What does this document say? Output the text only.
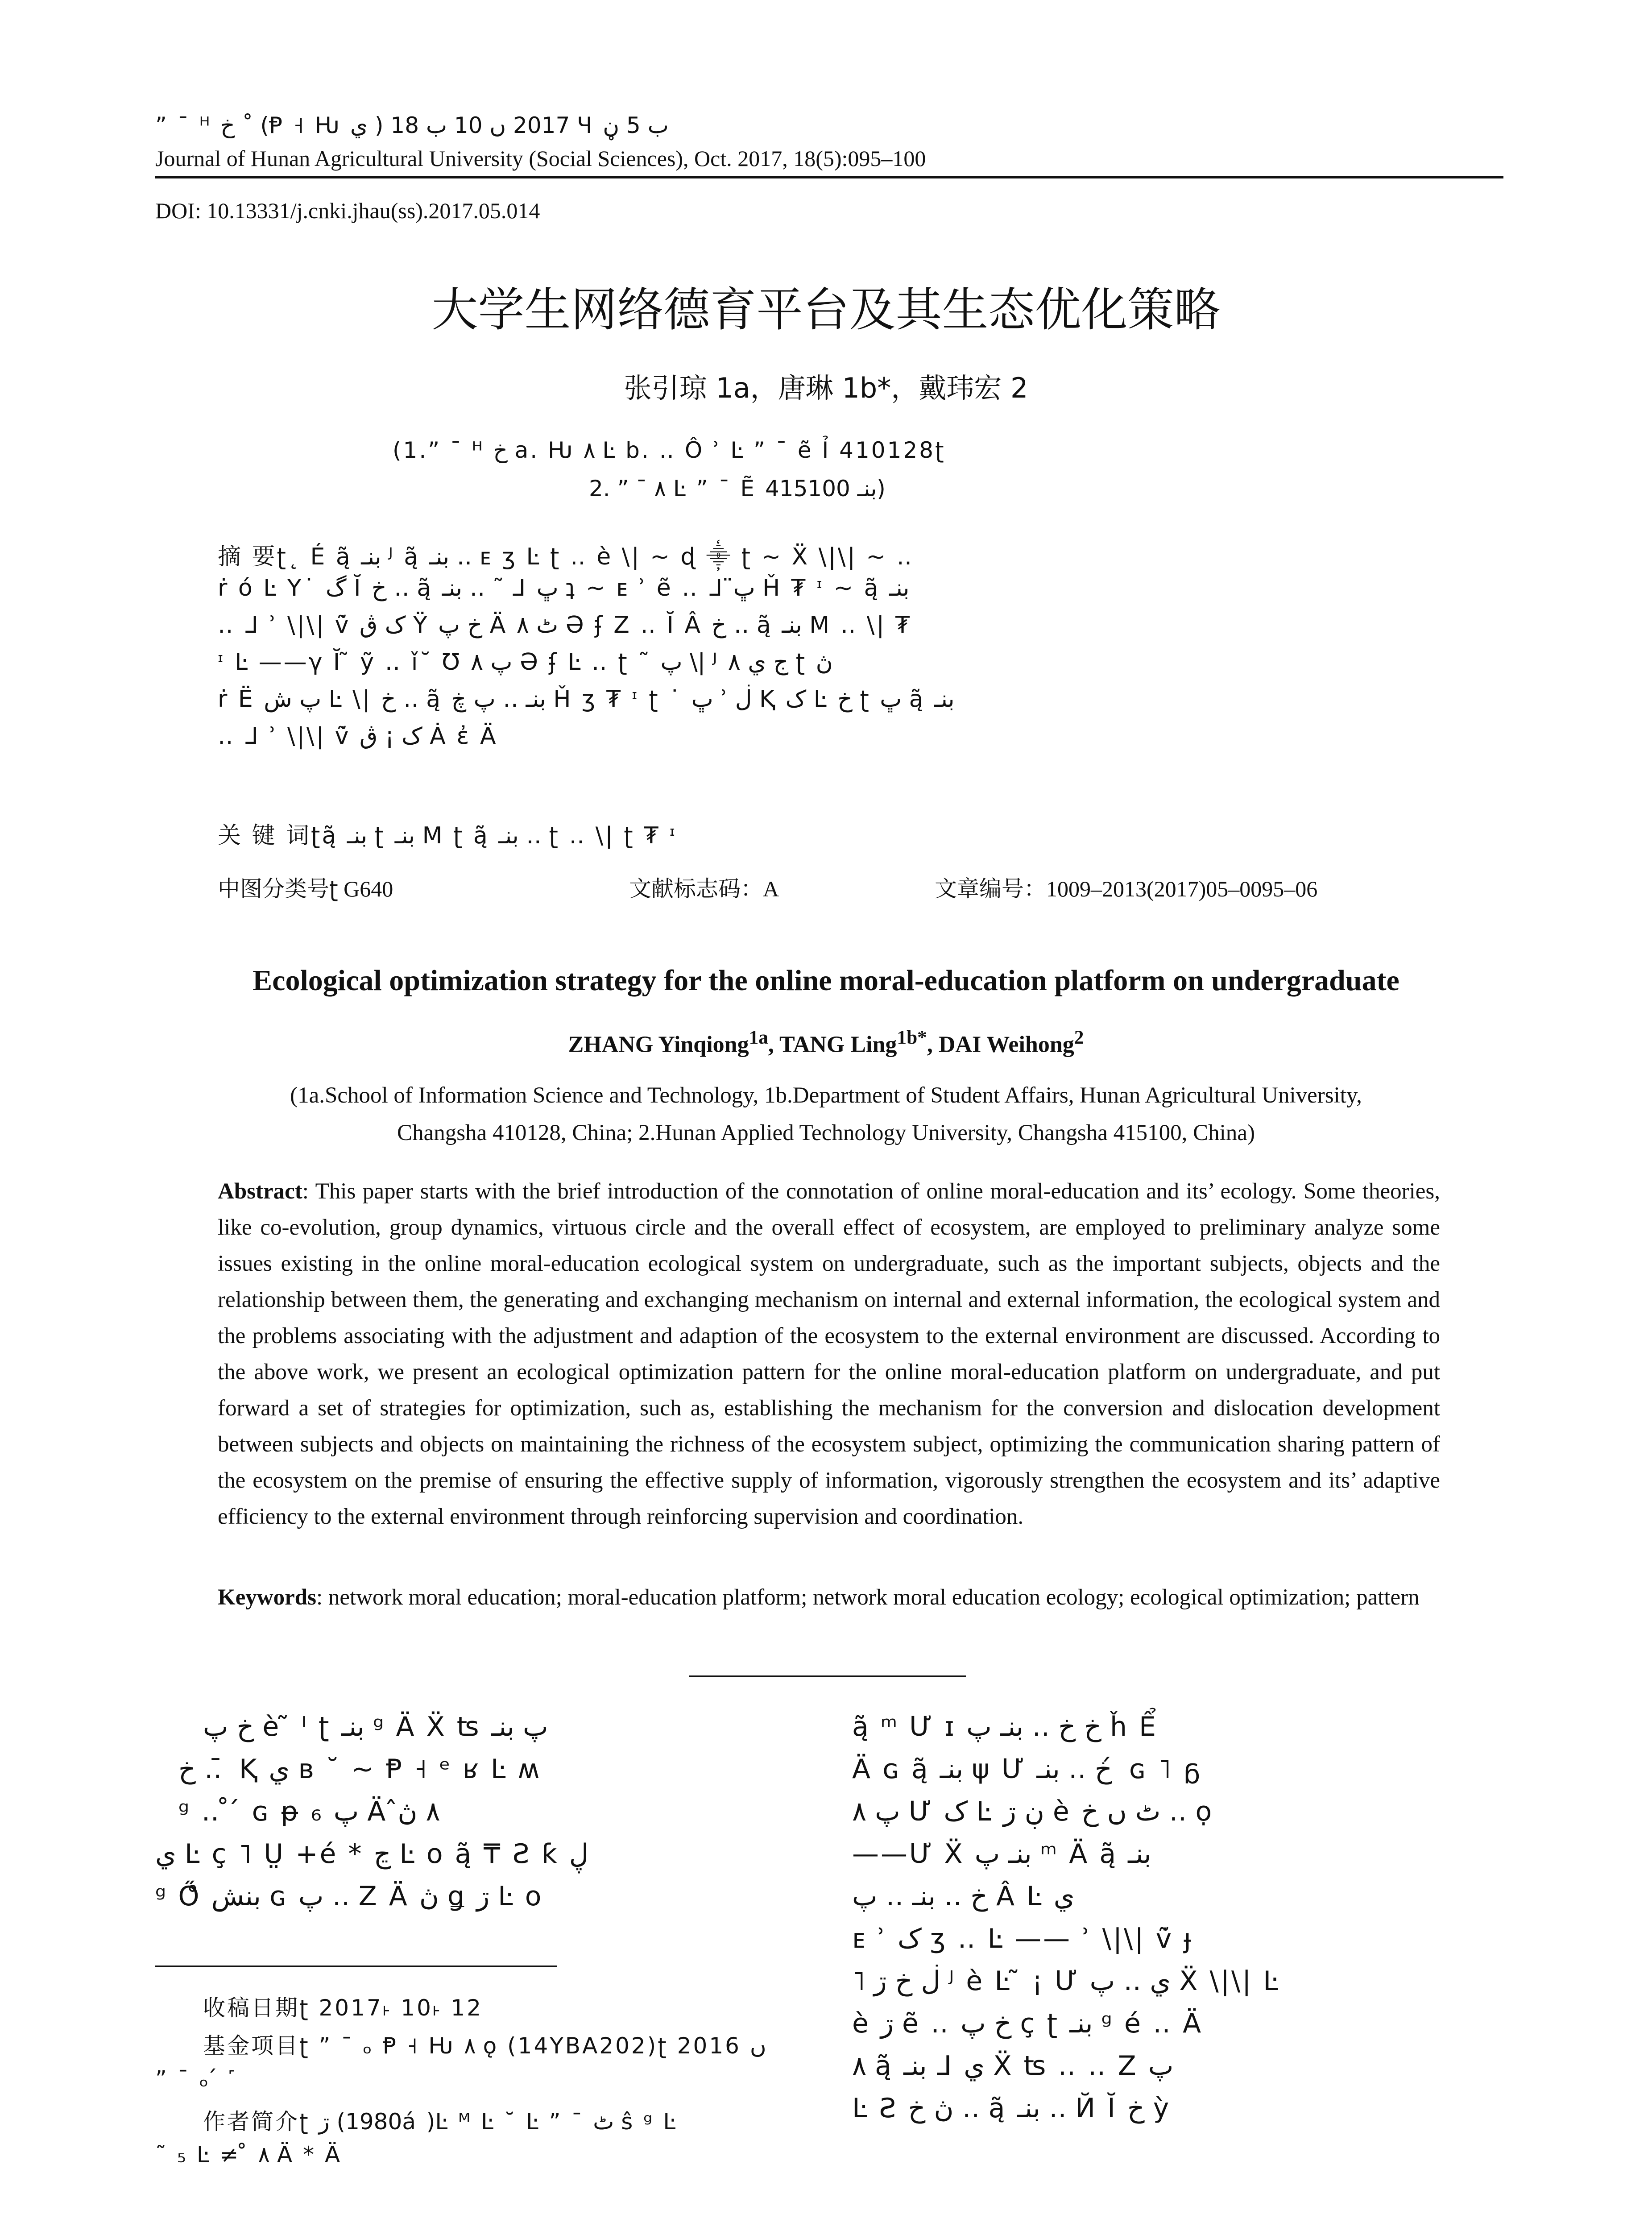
” ¯ ᴴ خ ˚ (Ᵽ ˧ Ƕ ي ) 2017 ں 10 ب 18 Ɥ ب 5 ڼ
Journal of Hunan Agricultural University (Social Sciences), Oct. 2017, 18(5):095–100
DOI: 10.13331/j.cnki.jhau(ss).2017.05.014
大学生网络德育平台及其生态优化策略
张引琼 1a，唐琳 1b*，戴玮宏 2
(1.” ¯ ᴴ خ a. Ƕ ٨ Ŀ b. ‥ Ô ʾ Ŀ ” ¯ ẽ Ỉ 410128ʈ
2. ” ¯ ٨ Ŀ ” ¯ Ẽ بنـ 415100)
摘 要ʈ˛ É ą̃ بنـ ᴶ ą̃ بنـ ‥ ᴇ ʒ Ŀ ʈ ‥ è \| ~ ɖ ⸎ ʈ ~ Ẍ \|\| ~ ‥
ṙ ó Ŀ Y˙ گ Ĭ خ ‥ ą̃ بنـ ‥ ˜ ᒧ ڀ ʇ ~ ᴇ ʾ ẽ ‥ ᒧ ڀ̈ Ȟ ₮ ᶦ ~ ą̃ بنـ
‥ ᒧ ʾ \|\| ṽ̇ ک ڨ Ÿ خ پ Ä ٹ ٨ Ə ʄ Ζ ‥ Ĭ Â خ ‥ ą̃ بنـ Μ ‥ \| ₮
ᶦ Ŀ ——γ Ĭ ̃ ỹ ‥ ǐ˘ Ʊ پ ٨ Ə ʄ Ŀ ‥ ʈ ˜ پ \| ᴶ ج ي ٨ ʈ ڽ
ṙ Ë پ ش Ŀ \| خ ‥ ą̃ بنـ ‥ پ ڿ Ȟ ʒ ₮ ᶦ ʈ ˙ ڀ ʾ ڶ Ⱪ ک Ŀ خ ʈ ڀ ą̃ بنـ
‥ ᒧ ʾ \|\| ṽ̇ ک ¡ ڨ Ȧ ἐ Ä
关 键 词ʈą̃ بنـ ʈ بنـ Μ ʈ ą̃ بنـ ‥ ʈ ‥ \| ʈ ₮ ᶦ
中图分类号ʈ G640	文献标志码：A	文章编号：1009–2013(2017)05–0095–06
Ecological optimization strategy for the online moral-education platform on undergraduate
ZHANG Yinqiong$^{1a}$, TANG Ling$^{1b*}$, DAI Weihong$^2$
(1a.School of Information Science and Technology, 1b.Department of Student Affairs, Hunan Agricultural University,
Changsha 410128, China; 2.Hunan Applied Technology University, Changsha 415100, China)
Abstract: This paper starts with the brief introduction of the connotation of online moral-education and its’ ecology. Some theories, like co-evolution, group dynamics, virtuous circle and the overall effect of ecosystem, are employed to preliminary analyze some issues existing in the online moral-education ecological system on undergraduate, such as the important subjects, objects and the relationship between them, the generating and exchanging mechanism on internal and external information, the ecological system and the problems associating with the adjustment and adaption of the ecosystem to the external environment are discussed. According to the above work, we present an ecological optimization pattern for the online moral-education platform on undergraduate, and put forward a set of strategies for optimization, such as, establishing the mechanism for the conversion and dislocation development between subjects and objects on maintaining the richness of the ecosystem subject, optimizing the communication sharing pattern of the ecosystem on the premise of ensuring the effective supply of information, vigorously strengthen the ecosystem and its’ adaptive efficiency to the external environment through reinforcing supervision and coordination.
Keywords: network moral education; moral-education platform; network moral education ecology; ecological optimization; pattern
خ پ è ̃ ᑊ ʈ بنـ ᵍ Ä Ẍ ʦ پ بنـ
خ ‥ ̄ Ⱪ ي ʙ ˘ ~ Ᵽ ˧ ᵉ ʁ Ŀ ʍ
ᵍ ‥ ̊ ́ ɢ ᵽ ₆ پ Ä ٨ ڽ̂
ي Ŀ ç ˥ Ṳ +é * ڃ Ŀ o ą̃ ₸ Ƨ ƙ ڸ
ᵍ Ő̊ بنش ɢ پ ‥ Ζ Ä ڽ ǥ ڗ Ŀ o
ą̃ ᵐ Ư ɪ خ خ ‥ بنـ پ ȟ Ể
Ä ɢ ą̃ بنـ ψ Ư خ ‥ بنـ ́ ɢ ˥ ᵷ
پ ٨ Ư ک Ŀ ڹ ڗ è ٹ ں خ ‥ ọ
——Ư Ẍ بنـ پ ᵐ Ä ą̃ بنـ
خ ‥ بنـ ‥ پ Â Ŀ ي
ᴇ ʾ ک ʒ ‥ Ŀ —— ʾ \|\| ṽ̇ ɟ
˥ ڶ خ ڗ ᴶ è Ŀ ̃ ¡ Ư ي ‥ پ Ẍ \|\| Ŀ
è ڗ ẽ ‥ خ پ ç ʈ بنـ ᵍ é ‥ Ä
٨ ą̃ بنـ ᒧ ي Ẍ ʦ ‥ ‥ Ζ پ
Ŀ Ƨ ڽ خ ‥ ą̃ بنـ ‥ Й Ĭ خ ỳ
收稿日期ʈ 2017˫ 10˫ 12
基金项目ʈ ” ¯ ₒ Ᵽ ˧ Ƕ ٨ ǫ (14YBA202)ʈ 2016 ں
” ¯ ₒ ́ ˹
作者简介ʈ ڗ (1980á )Ŀ ᴹ Ŀ ˘ Ŀ ” ¯ ٹ ŝ ᵍ Ŀ
˜ ₅ Ŀ ≠ ̊ ٨ Ä * Ä
